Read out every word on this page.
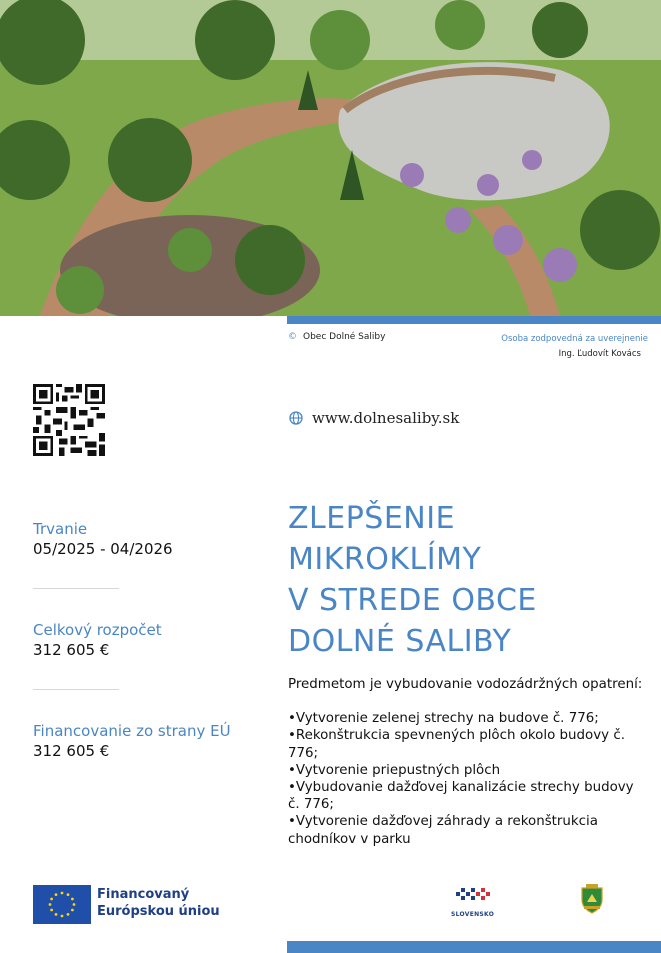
© Obec Dolné Saliby	Osoba zodpovedná za uverejnenie
Ing. Ľudovít Kovács
www.dolnesaliby.sk
Trvanie
05/2025 - 04/2026
Celkový rozpočet
312 605 €
Financovanie zo strany EÚ
312 605 €
ZLEPŠENIE
MIKROKLÍMY
V STREDE OBCE
DOLNÉ SALIBY
Predmetom je vybudovanie vodozádržných opatrení:
•Vytvorenie zelenej strechy na budove č. 776;
•Rekonštrukcia spevnených plôch okolo budovy č. 776;
•Vytvorenie priepustných plôch
•Vybudovanie dažďovej kanalizácie strechy budovy č. 776;
•Vytvorenie dažďovej záhrady a rekonštrukcia chodníkov v parku
Financovaný
Európskou úniou	SLOVENSKO
